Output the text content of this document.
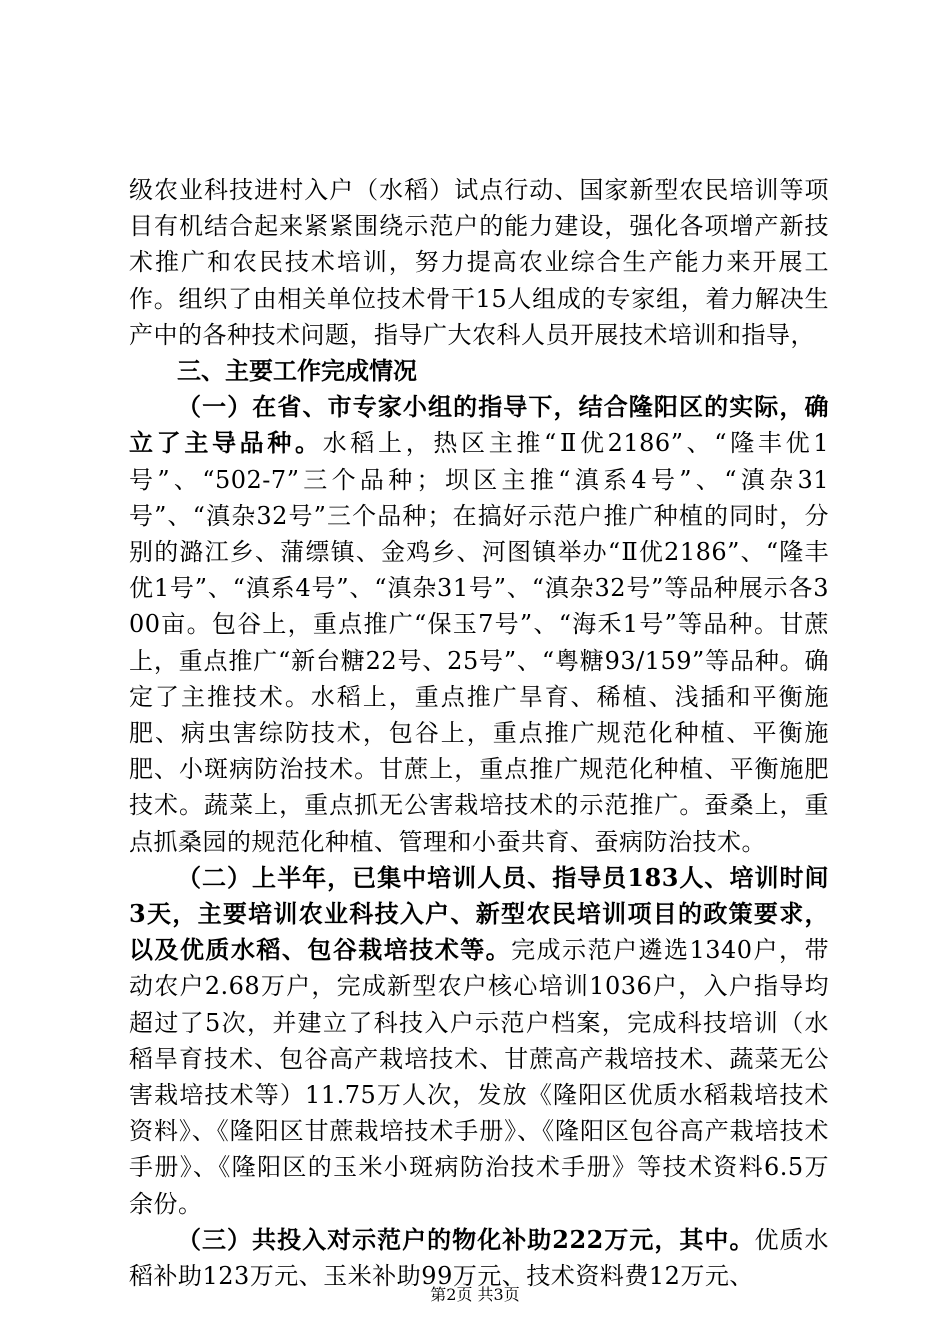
级农业科技进村入户（水稻）试点行动、国家新型农民培训等项目有机结合起来紧紧围绕示范户的能力建设，强化各项增产新技术推广和农民技术培训，努力提高农业综合生产能力来开展工作。组织了由相关单位技术骨干15人组成的专家组，着力解决生产中的各种技术问题，指导广大农科人员开展技术培训和指导，

三、主要工作完成情况

（一）在省、市专家小组的指导下，结合隆阳区的实际，确立了主导品种。水稻上，热区主推“Ⅱ优2186”、“隆丰优1号”、“502-7”三个品种；坝区主推“滇系4号”、“滇杂31号”、“滇杂32号”三个品种；在搞好示范户推广种植的同时，分别的潞江乡、蒲缥镇、金鸡乡、河图镇举办“Ⅱ优2186”、“隆丰优1号”、“滇系4号”、“滇杂31号”、“滇杂32号”等品种展示各300亩。包谷上，重点推广“保玉7号”、“海禾1号”等品种。甘蔗上，重点推广“新台糖22号、25号”、“粤糖93/159”等品种。确定了主推技术。水稻上，重点推广旱育、稀植、浅插和平衡施肥、病虫害综防技术，包谷上，重点推广规范化种植、平衡施肥、小斑病防治技术。甘蔗上，重点推广规范化种植、平衡施肥技术。蔬菜上，重点抓无公害栽培技术的示范推广。蚕桑上，重点抓桑园的规范化种植、管理和小蚕共育、蚕病防治技术。

（二）上半年，已集中培训人员、指导员183人、培训时间3天，主要培训农业科技入户、新型农民培训项目的政策要求，以及优质水稻、包谷栽培技术等。完成示范户遴选1340户，带动农户2.68万户，完成新型农户核心培训1036户，入户指导均超过了5次，并建立了科技入户示范户档案，完成科技培训（水稻旱育技术、包谷高产栽培技术、甘蔗高产栽培技术、蔬菜无公害栽培技术等）11.75万人次，发放《隆阳区优质水稻栽培技术资料》、《隆阳区甘蔗栽培技术手册》、《隆阳区包谷高产栽培技术手册》、《隆阳区的玉米小斑病防治技术手册》等技术资料6.5万余份。

（三）共投入对示范户的物化补助222万元，其中。优质水稻补助123万元、玉米补助99万元、技术资料费12万元、

第2页 共3页
